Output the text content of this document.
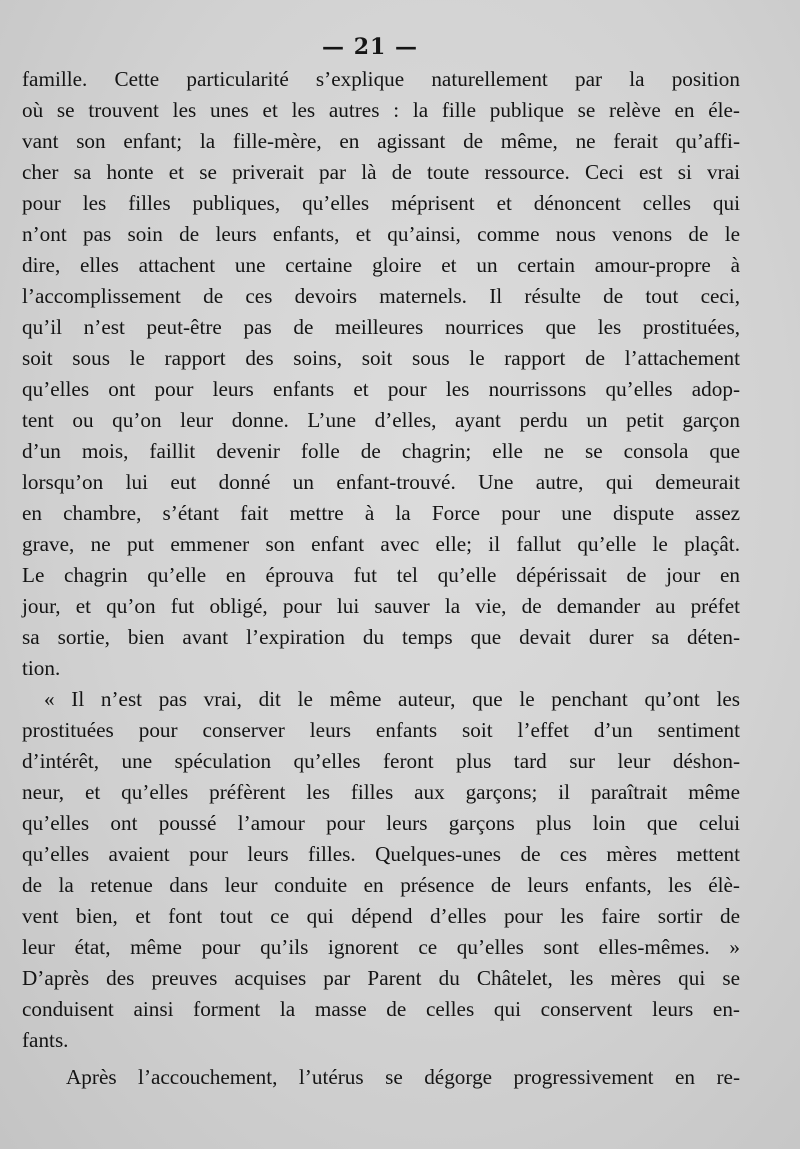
— 21 —
famille. Cette particularité s’explique naturellement par la position
où se trouvent les unes et les autres : la fille publique se relève en éle-
vant son enfant; la fille-mère, en agissant de même, ne ferait qu’affi-
cher sa honte et se priverait par là de toute ressource. Ceci est si vrai
pour les filles publiques, qu’elles méprisent et dénoncent celles qui
n’ont pas soin de leurs enfants, et qu’ainsi, comme nous venons de le
dire, elles attachent une certaine gloire et un certain amour-propre à
l’accomplissement de ces devoirs maternels. Il résulte de tout ceci,
qu’il n’est peut-être pas de meilleures nourrices que les prostituées,
soit sous le rapport des soins, soit sous le rapport de l’attachement
qu’elles ont pour leurs enfants et pour les nourrissons qu’elles adop-
tent ou qu’on leur donne. L’une d’elles, ayant perdu un petit garçon
d’un mois, faillit devenir folle de chagrin; elle ne se consola que
lorsqu’on lui eut donné un enfant-trouvé. Une autre, qui demeurait
en chambre, s’étant fait mettre à la Force pour une dispute assez
grave, ne put emmener son enfant avec elle; il fallut qu’elle le plaçât.
Le chagrin qu’elle en éprouva fut tel qu’elle dépérissait de jour en
jour, et qu’on fut obligé, pour lui sauver la vie, de demander au préfet
sa sortie, bien avant l’expiration du temps que devait durer sa déten-
tion.
« Il n’est pas vrai, dit le même auteur, que le penchant qu’ont les
prostituées pour conserver leurs enfants soit l’effet d’un sentiment
d’intérêt, une spéculation qu’elles feront plus tard sur leur déshon-
neur, et qu’elles préfèrent les filles aux garçons; il paraîtrait même
qu’elles ont poussé l’amour pour leurs garçons plus loin que celui
qu’elles avaient pour leurs filles. Quelques-unes de ces mères mettent
de la retenue dans leur conduite en présence de leurs enfants, les élè-
vent bien, et font tout ce qui dépend d’elles pour les faire sortir de
leur état, même pour qu’ils ignorent ce qu’elles sont elles-mêmes. »
D’après des preuves acquises par Parent du Châtelet, les mères qui se
conduisent ainsi forment la masse de celles qui conservent leurs en-
fants.
Après l’accouchement, l’utérus se dégorge progressivement en re-
